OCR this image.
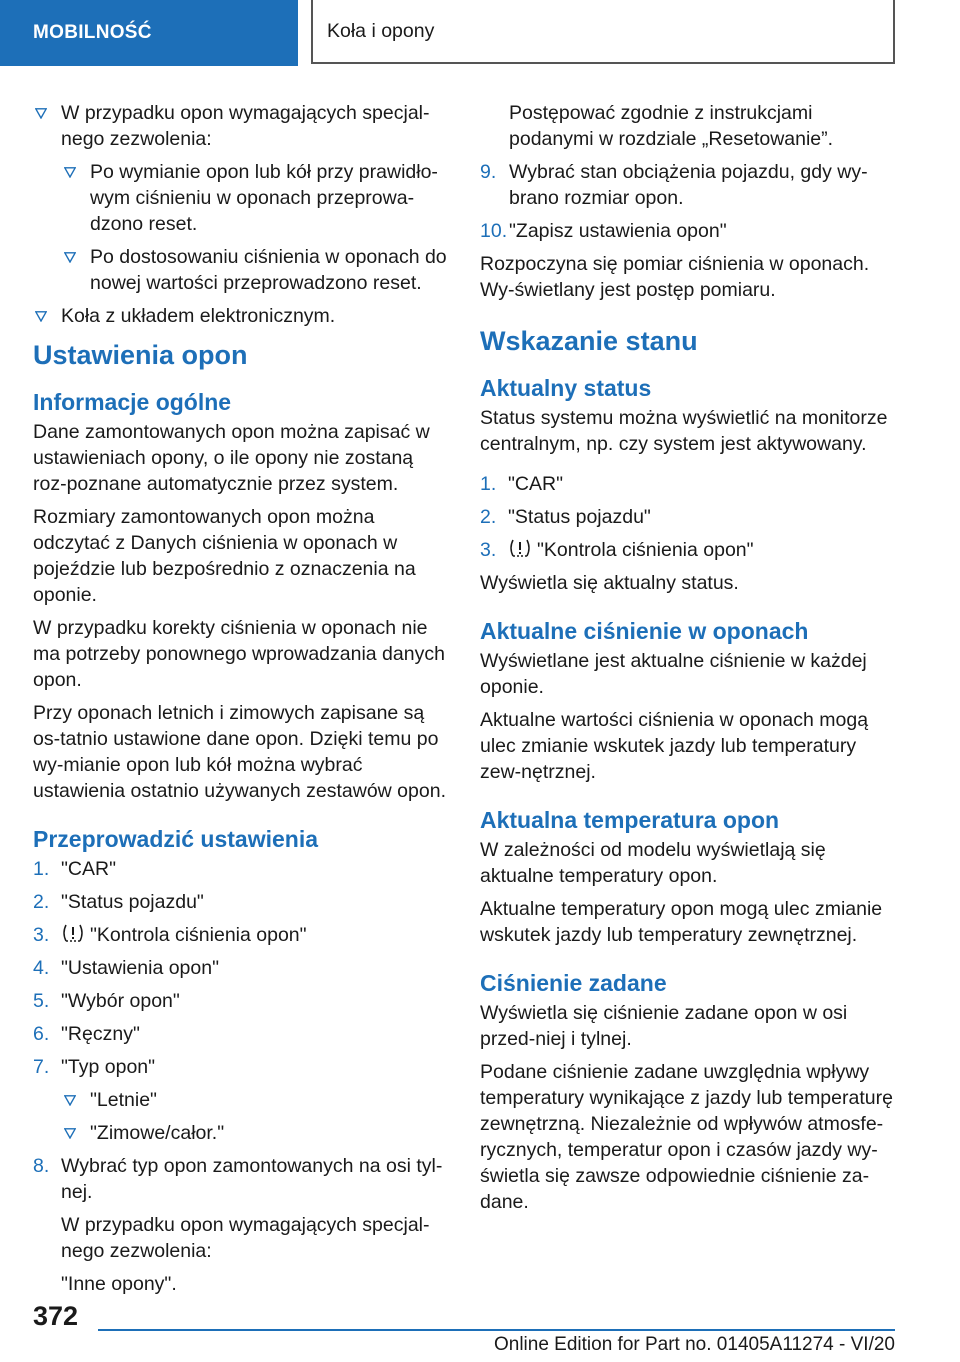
MOBILNOŚĆ	Koła i opony
W przypadku opon wymagających specjal-nego zezwolenia:
Po wymianie opon lub kół przy prawidło-wym ciśnieniu w oponach przeprowa-dzono reset.
Po dostosowaniu ciśnienia w oponach do nowej wartości przeprowadzono reset.
Koła z układem elektronicznym.
Ustawienia opon
Informacje ogólne

Dane zamontowanych opon można zapisać w ustawieniach opony, o ile opony nie zostaną roz-poznane automatycznie przez system.

Rozmiary zamontowanych opon można odczytać z Danych ciśnienia w oponach w pojeździe lub bezpośrednio z oznaczenia na oponie.

W przypadku korekty ciśnienia w oponach nie ma potrzeby ponownego wprowadzania danych opon.

Przy oponach letnich i zimowych zapisane są os-tatnio ustawione dane opon. Dzięki temu po wy-mianie opon lub kół można wybrać ustawienia ostatnio używanych zestawów opon.

Przeprowadzić ustawienia
1. "CAR"
2. "Status pojazdu"
3. "Kontrola ciśnienia opon"
4. "Ustawienia opon"
5. "Wybór opon"
6. "Ręczny"
7. "Typ opon"
"Letnie"
"Zimowe/całor."
8. Wybrać typ opon zamontowanych na osi tyl-nej.
W przypadku opon wymagających specjal-nego zezwolenia:
"Inne opony".
Postępować zgodnie z instrukcjami podanymi w rozdziale „Resetowanie”.
9. Wybrać stan obciążenia pojazdu, gdy wy-brano rozmiar opon.
10. "Zapisz ustawienia opon"

Rozpoczyna się pomiar ciśnienia w oponach. Wy-świetlany jest postęp pomiaru.

Wskazanie stanu
Aktualny status

Status systemu można wyświetlić na monitorze centralnym, np. czy system jest aktywowany.

1. "CAR"
2. "Status pojazdu"
3. "Kontrola ciśnienia opon"

Wyświetla się aktualny status.

Aktualne ciśnienie w oponach

Wyświetlane jest aktualne ciśnienie w każdej oponie.

Aktualne wartości ciśnienia w oponach mogą ulec zmianie wskutek jazdy lub temperatury zew-nętrznej.

Aktualna temperatura opon

W zależności od modelu wyświetlają się aktualne temperatury opon.

Aktualne temperatury opon mogą ulec zmianie wskutek jazdy lub temperatury zewnętrznej.

Ciśnienie zadane

Wyświetla się ciśnienie zadane opon w osi przed-niej i tylnej.

Podane ciśnienie zadane uwzględnia wpływy temperatury wynikające z jazdy lub temperaturę zewnętrzną. Niezależnie od wpływów atmosfe-rycznych, temperatur opon i czasów jazdy wy-świetla się zawsze odpowiednie ciśnienie za-dane.

372
Online Edition for Part no. 01405A11274 - VI/20
